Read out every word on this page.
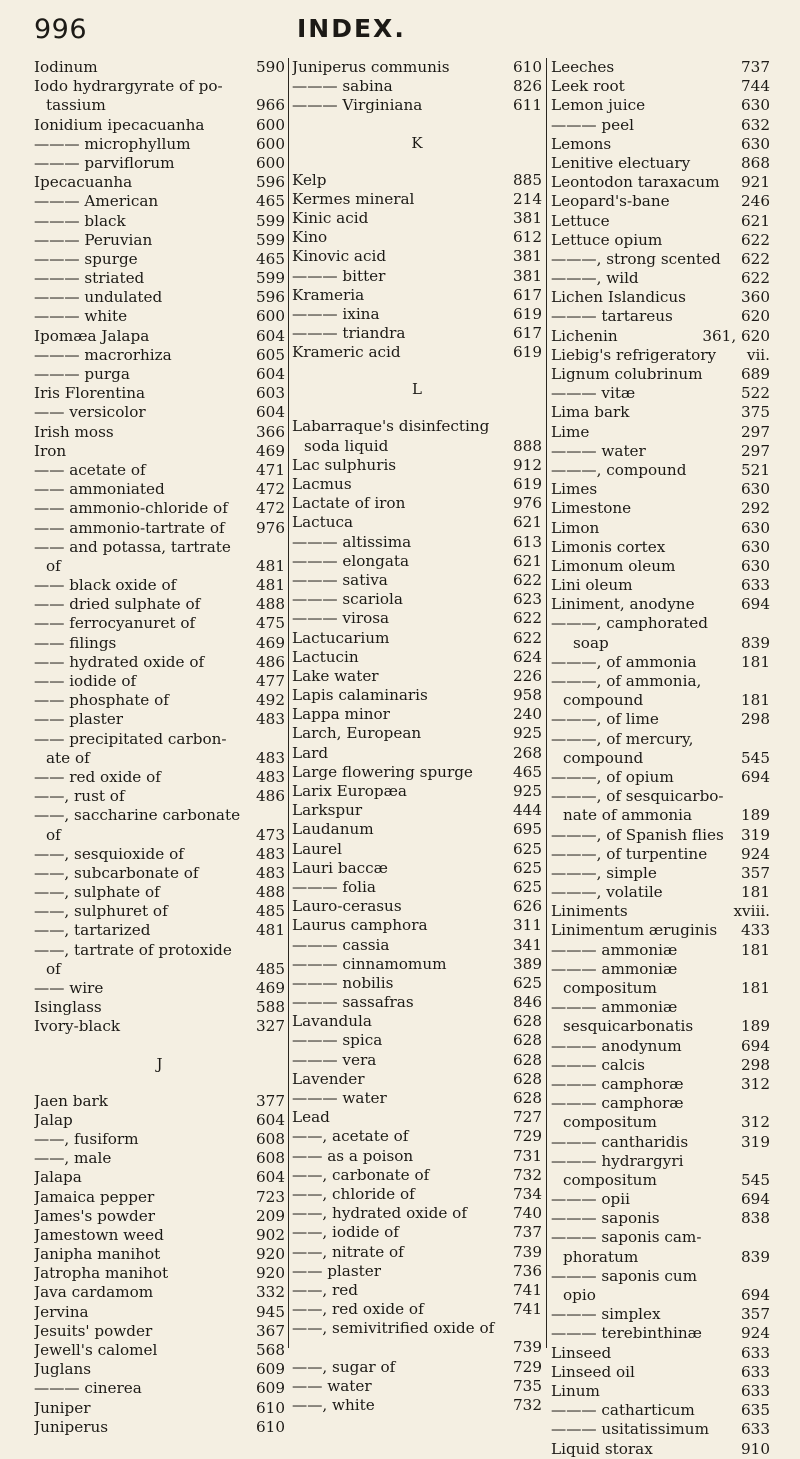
996	INDEX.
Iodinum	590
Iodo hydrargyrate of po-
tassium	966
Ionidium ipecacuanha	600
——— microphyllum	600
——— parviflorum	600
Ipecacuanha	596
——— American	465
——— black	599
——— Peruvian	599
——— spurge	465
——— striated	599
——— undulated	596
——— white	600
Ipomæa Jalapa	604
——— macrorhiza	605
——— purga	604
Iris Florentina	603
—— versicolor	604
Irish moss	366
Iron	469
—— acetate of	471
—— ammoniated	472
—— ammonio-chloride of	472
—— ammonio-tartrate of	976
—— and potassa, tartrate
of	481
—— black oxide of	481
—— dried sulphate of	488
—— ferrocyanuret of	475
—— filings	469
—— hydrated oxide of	486
—— iodide of	477
—— phosphate of	492
—— plaster	483
—— precipitated carbon-
ate of	483
—— red oxide of	483
——, rust of	486
——, saccharine carbonate
of	473
——, sesquioxide of	483
——, subcarbonate of	483
——, sulphate of	488
——, sulphuret of	485
——, tartarized	481
——, tartrate of protoxide
of	485
—— wire	469
Isinglass	588
Ivory-black	327
J
Jaen bark	377
Jalap	604
——, fusiform	608
——, male	608
Jalapa	604
Jamaica pepper	723
James's powder	209
Jamestown weed	902
Janipha manihot	920
Jatropha manihot	920
Java cardamom	332
Jervina	945
Jesuits' powder	367
Jewell's calomel	568
Juglans	609
——— cinerea	609
Juniper	610
Juniperus	610
Juniperus communis	610
——— sabina	826
——— Virginiana	611
K
Kelp	885
Kermes mineral	214
Kinic acid	381
Kino	612
Kinovic acid	381
——— bitter	381
Krameria	617
——— ixina	619
——— triandra	617
Krameric acid	619
L
Labarraque's disinfecting
soda liquid	888
Lac sulphuris	912
Lacmus	619
Lactate of iron	976
Lactuca	621
——— altissima	613
——— elongata	621
——— sativa	622
——— scariola	623
——— virosa	622
Lactucarium	622
Lactucin	624
Lake water	226
Lapis calaminaris	958
Lappa minor	240
Larch, European	925
Lard	268
Large flowering spurge	465
Larix Europæa	925
Larkspur	444
Laudanum	695
Laurel	625
Lauri baccæ	625
——— folia	625
Lauro-cerasus	626
Laurus camphora	311
——— cassia	341
——— cinnamomum	389
——— nobilis	625
——— sassafras	846
Lavandula	628
——— spica	628
——— vera	628
Lavender	628
——— water	628
Lead	727
——, acetate of	729
—— as a poison	731
——, carbonate of	732
——, chloride of	734
——, hydrated oxide of	740
——, iodide of	737
——, nitrate of	739
—— plaster	736
——, red	741
——, red oxide of	741
——, semivitrified oxide of
739
——, sugar of	729
—— water	735
——, white	732
Leeches	737
Leek root	744
Lemon juice	630
——— peel	632
Lemons	630
Lenitive electuary	868
Leontodon taraxacum	921
Leopard's-bane	246
Lettuce	621
Lettuce opium	622
———, strong scented	622
———, wild	622
Lichen Islandicus	360
——— tartareus	620
Lichenin	361, 620
Liebig's refrigeratory	vii.
Lignum colubrinum	689
——— vitæ	522
Lima bark	375
Lime	297
——— water	297
———, compound	521
Limes	630
Limestone	292
Limon	630
Limonis cortex	630
Limonum oleum	630
Lini oleum	633
Liniment, anodyne	694
———, camphorated
soap	839
———, of ammonia	181
———, of ammonia,
compound	181
———, of lime	298
———, of mercury,
compound	545
———, of opium	694
———, of sesquicarbo-
nate of ammonia	189
———, of Spanish flies	319
———, of turpentine	924
———, simple	357
———, volatile	181
Liniments	xviii.
Linimentum æruginis	433
——— ammoniæ	181
——— ammoniæ
compositum	181
——— ammoniæ
sesquicarbonatis	189
——— anodynum	694
——— calcis	298
——— camphoræ	312
——— camphoræ
compositum	312
——— cantharidis	319
——— hydrargyri
compositum	545
——— opii	694
——— saponis	838
——— saponis cam-
phoratum	839
——— saponis cum
opio	694
——— simplex	357
——— terebinthinæ	924
Linseed	633
Linseed oil	633
Linum	633
——— catharticum	635
——— usitatissimum	633
Liquid storax	910
